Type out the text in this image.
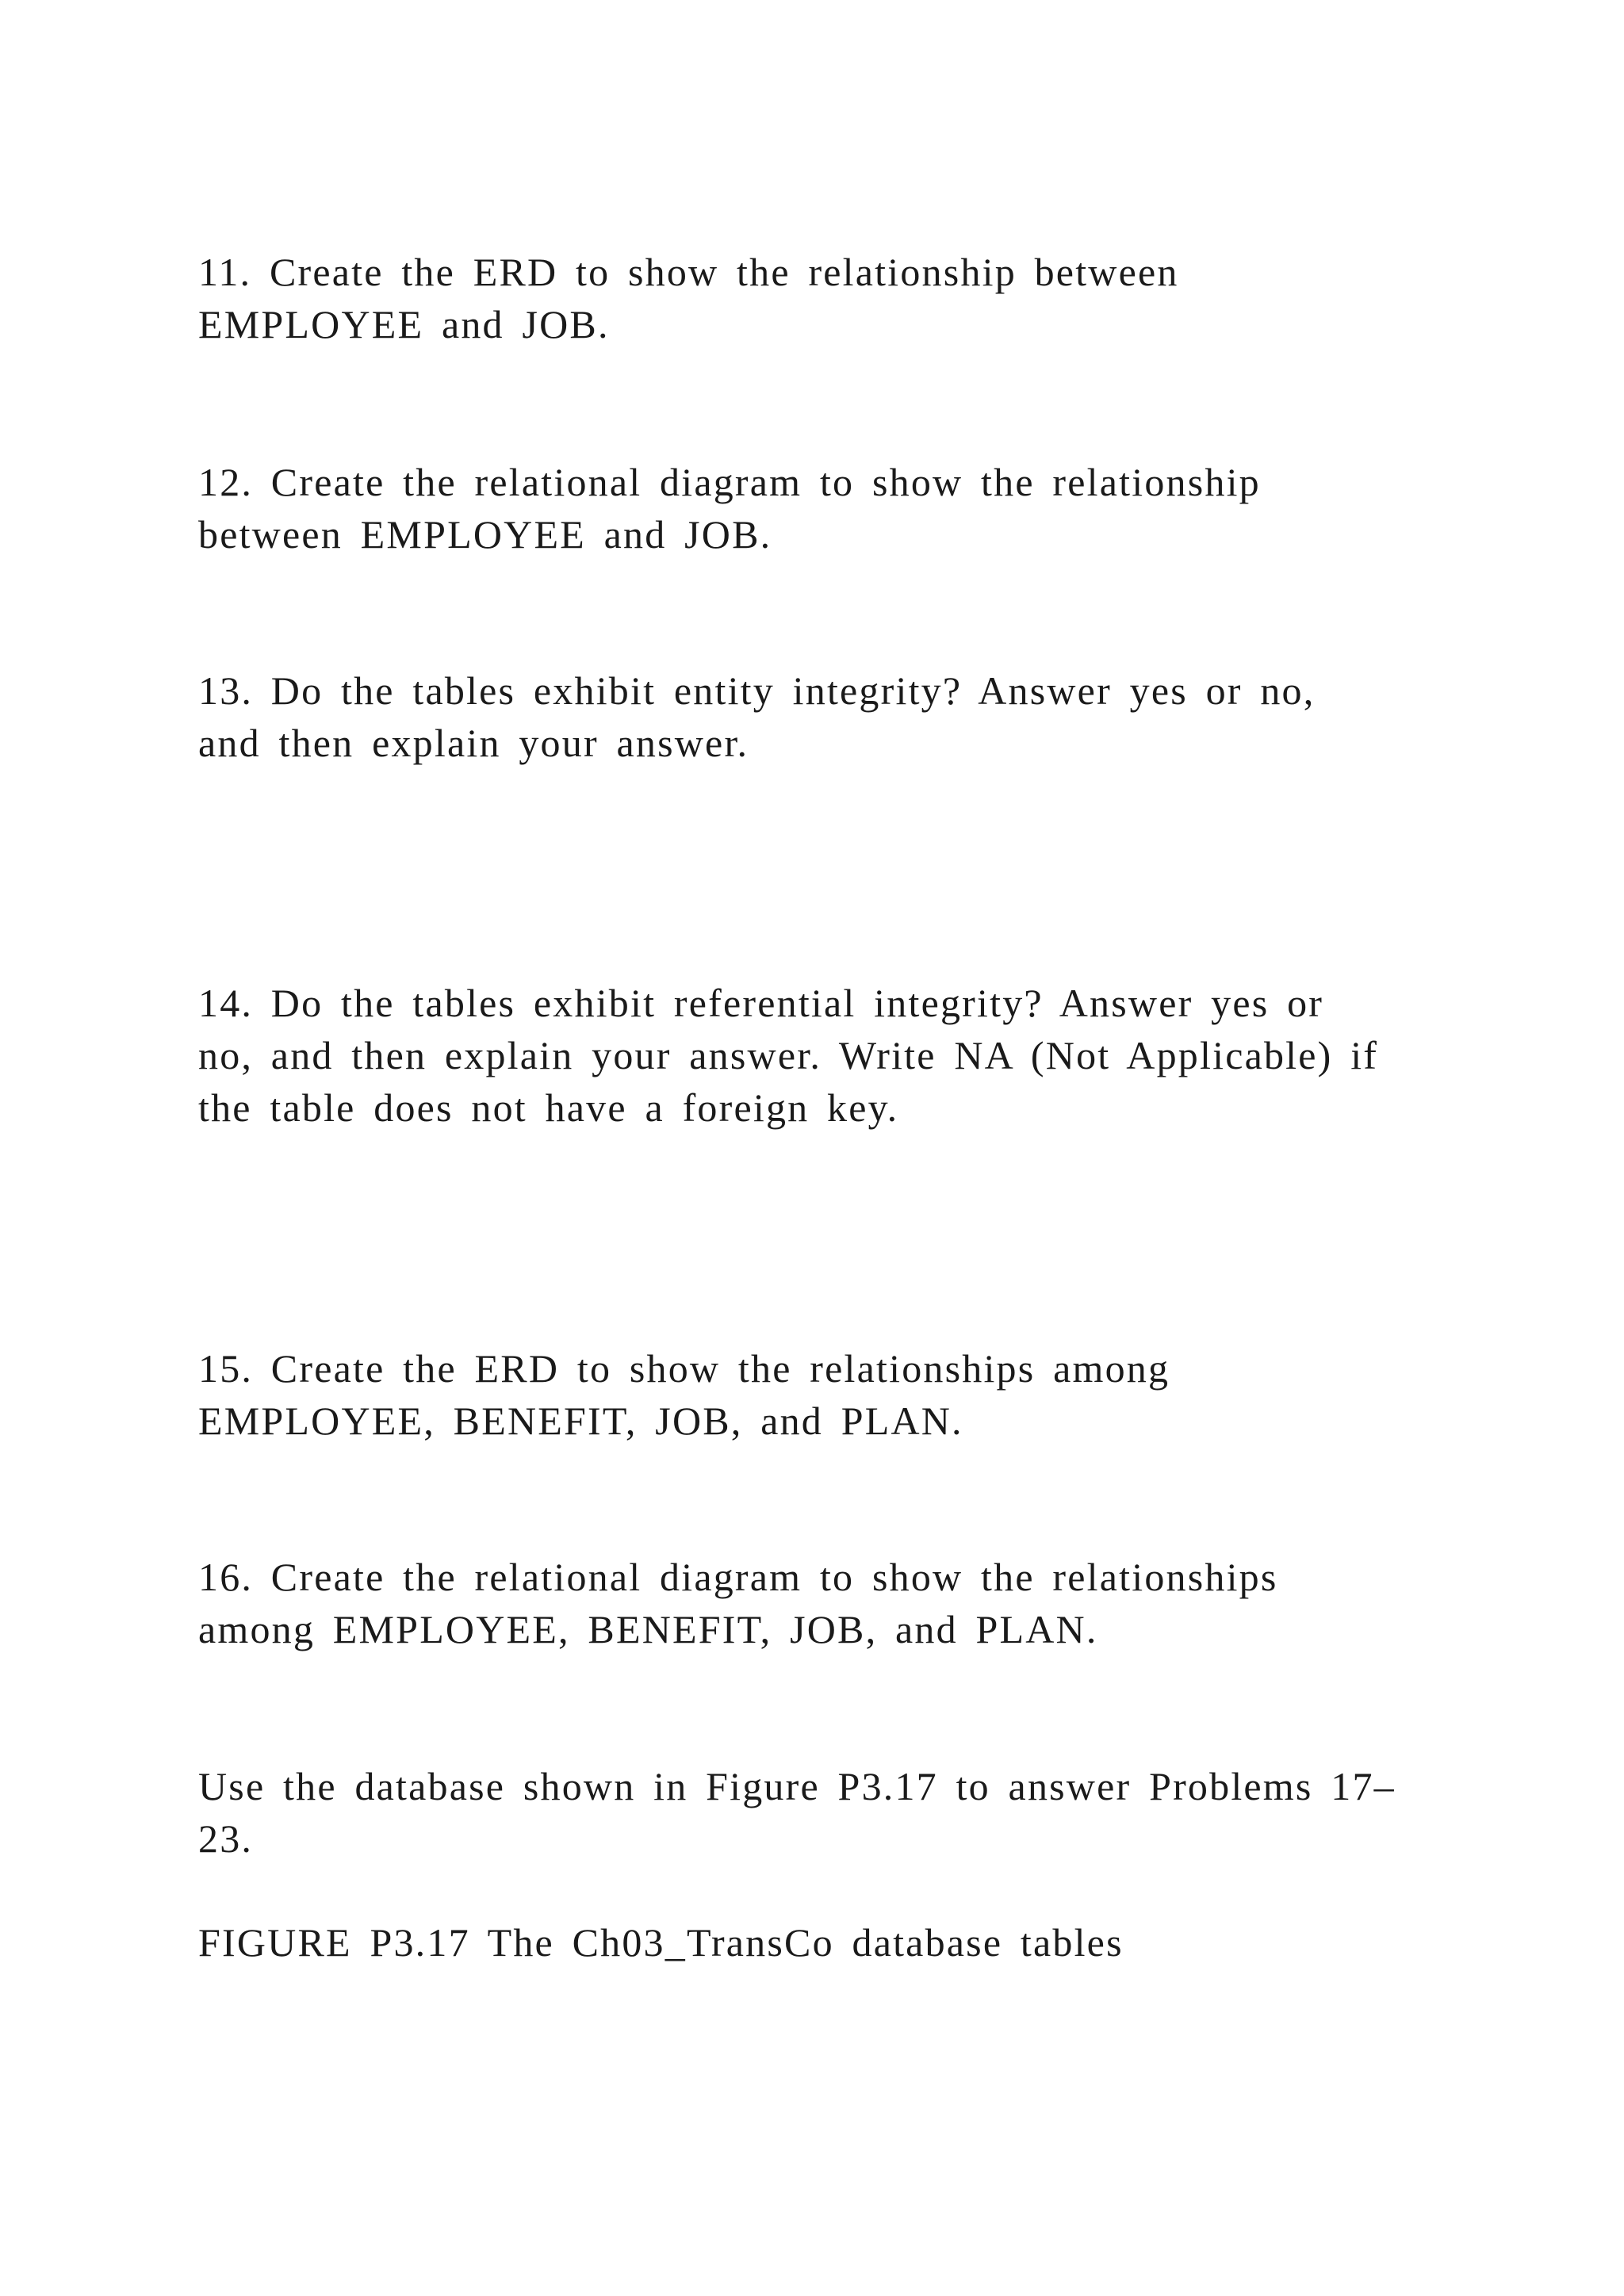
11. Create the ERD to show the relationship between

EMPLOYEE and JOB.

12. Create the relational diagram to show the relationship

between EMPLOYEE and JOB.

13. Do the tables exhibit entity integrity? Answer yes or no,

and then explain your answer.

14. Do the tables exhibit referential integrity? Answer yes or

no, and then explain your answer. Write NA (Not Applicable) if

the table does not have a foreign key.

15. Create the ERD to show the relationships among

EMPLOYEE, BENEFIT, JOB, and PLAN.

16. Create the relational diagram to show the relationships

among EMPLOYEE, BENEFIT, JOB, and PLAN.

Use the database shown in Figure P3.17 to answer Problems 17–

23.

FIGURE P3.17 The Ch03_TransCo database tables
